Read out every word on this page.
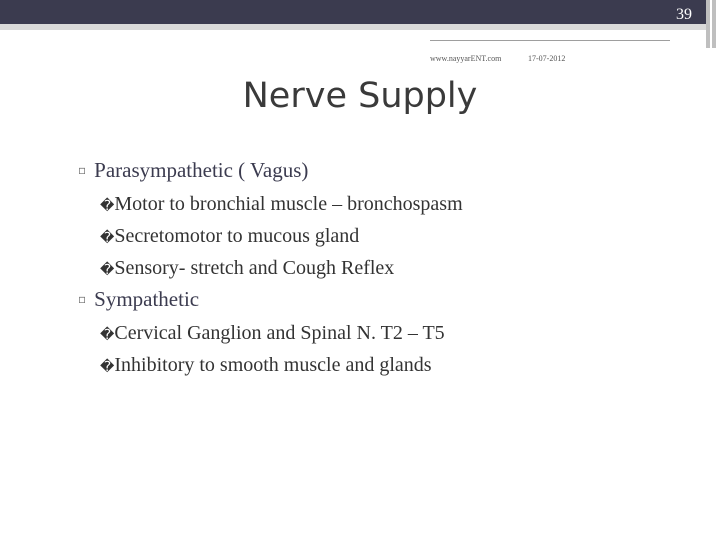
39
www.nayyarENT.com	17-07-2012
Nerve Supply
▫ Parasympathetic ( Vagus)
�Motor to bronchial muscle – bronchospasm
�Secretomotor to mucous gland
�Sensory- stretch and Cough Reflex
▫ Sympathetic
�Cervical Ganglion and Spinal N. T2 – T5
�Inhibitory to smooth muscle and glands
